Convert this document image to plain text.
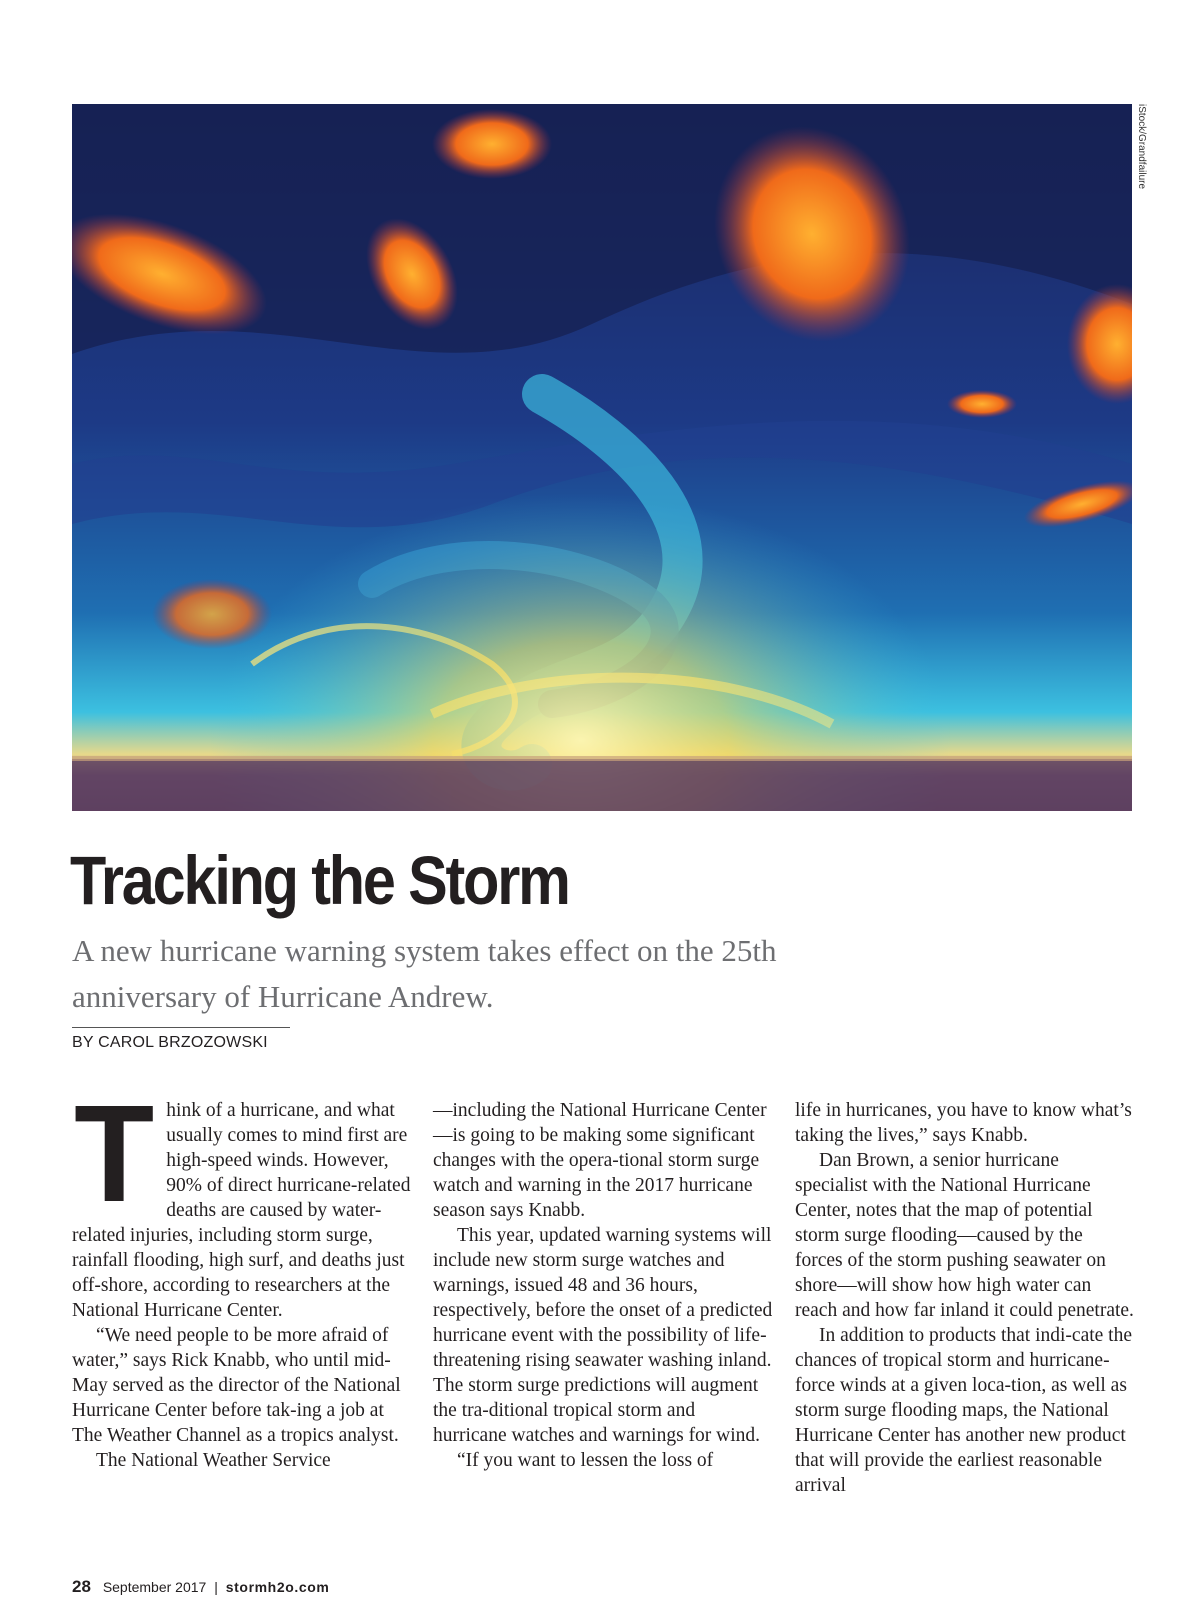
iStock/Grandfailure
Tracking the Storm

A new hurricane warning system takes effect on the 25th anniversary of Hurricane Andrew.

BY CAROL BRZOZOWSKI
T hink of a hurricane, and what usually comes to mind first are high-speed winds. However, 90% of direct hurricane-related deaths are caused by water-related injuries, including storm surge, rainfall flooding, high surf, and deaths just off-shore, according to researchers at the National Hurricane Center.

“We need people to be more afraid of water,” says Rick Knabb, who until mid-May served as the director of the National Hurricane Center before tak-ing a job at The Weather Channel as a tropics analyst.

The National Weather Service

—including the National Hurricane Center—is going to be making some significant changes with the opera-tional storm surge watch and warning in the 2017 hurricane season says Knabb.

This year, updated warning systems will include new storm surge watches and warnings, issued 48 and 36 hours, respectively, before the onset of a predicted hurricane event with the possibility of life-threatening rising seawater washing inland. The storm surge predictions will augment the tra-ditional tropical storm and hurricane watches and warnings for wind.

“If you want to lessen the loss of

life in hurricanes, you have to know what’s taking the lives,” says Knabb.

Dan Brown, a senior hurricane specialist with the National Hurricane Center, notes that the map of potential storm surge flooding—caused by the forces of the storm pushing seawater on shore—will show how high water can reach and how far inland it could penetrate.

In addition to products that indi-cate the chances of tropical storm and hurricane-force winds at a given loca-tion, as well as storm surge flooding maps, the National Hurricane Center has another new product that will provide the earliest reasonable arrival

28 September 2017 | stormh2o.com
